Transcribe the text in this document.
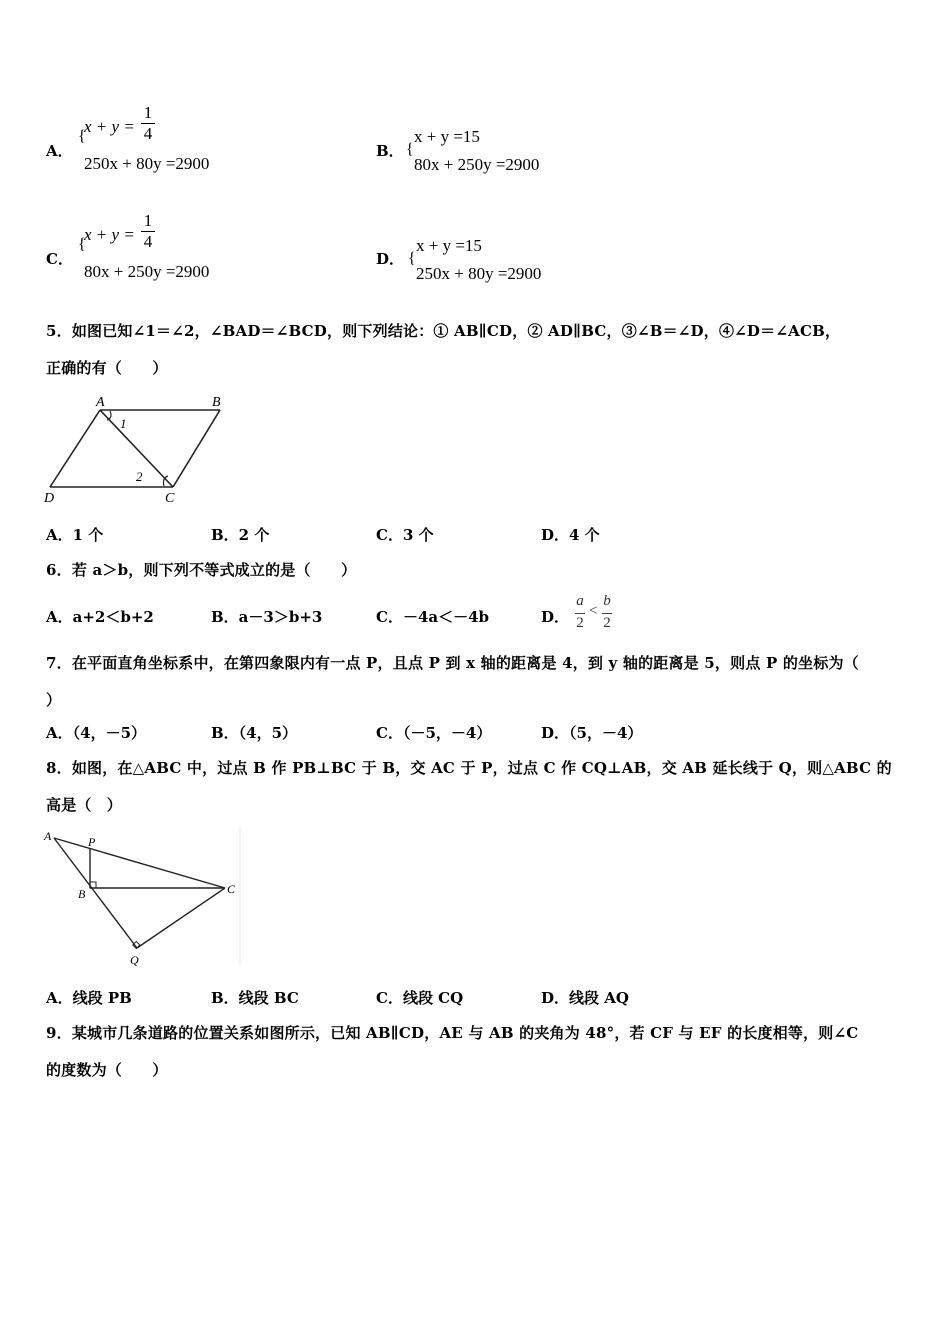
A．
{
x + y =
1
4
250x + 80y =2900
B． {
x + y =15
80x + 250y =2900
C．
{
x + y =
1
4
80x + 250y =2900
D． {
x + y =15
250x + 80y =2900
5．如图已知∠1＝∠2，∠BAD＝∠BCD，则下列结论：① AB∥CD，② AD∥BC，③∠B＝∠D，④∠D＝∠ACB，
正确的有（　　）
A	B
C
D
1
2
A．1 个	B．2 个	C．3 个	D．4 个
6．若 a＞b，则下列不等式成立的是（　　）
A．a+2＜b+2	B．a－3＞b+3	C．－4a＜－4b	D．
a
2
<
b
2
7．在平面直角坐标系中，在第四象限内有一点 P，且点 P 到 x 轴的距离是 4，到 y 轴的距离是 5，则点 P 的坐标为（
）
A．（4，－5）	B．（4，5）	C．（－5，－4）	D．（5，－4）
8．如图，在△ABC 中，过点 B 作 PB⊥BC 于 B，交 AC 于 P，过点 C 作 CQ⊥AB，交 AB 延长线于 Q，则△ABC 的
高是（　）
A	P
B	C
Q
A．线段 PB	B．线段 BC	C．线段 CQ	D．线段 AQ
9．某城市几条道路的位置关系如图所示，已知 AB∥CD，AE 与 AB 的夹角为 48°，若 CF 与 EF 的长度相等，则∠C
的度数为（　　）
